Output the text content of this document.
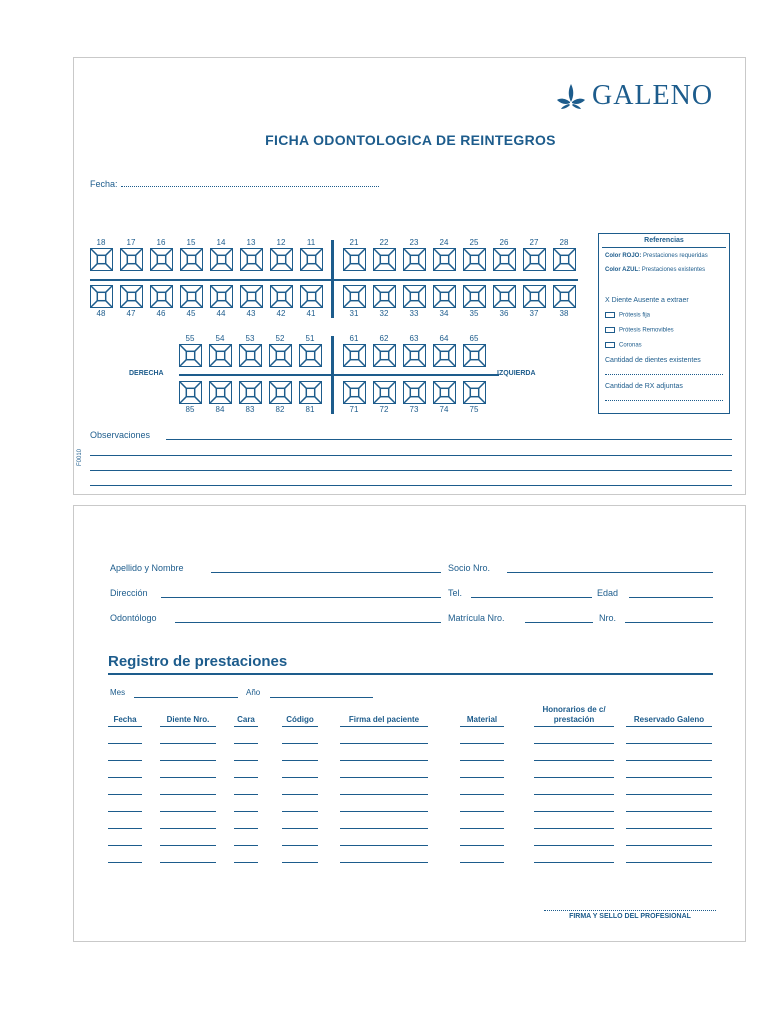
GALENO
FICHA ODONTOLOGICA DE REINTEGROS
Fecha:
18	17	16	15	14	13	12	11	21	22	23	24	25	26	27	28
48	47	46	45	44	43	42	41	31	32	33	34	35	36	37	38
55	54	53	52	51	61	62	63	64	65
85	84	83	82	81	71	72	73	74	75
DERECHA	IZQUIERDA
Referencias
Color ROJO: Prestaciones requeridas
Color AZUL: Prestaciones existentes
X Diente Ausente a extraer
Prótesis fija
Prótesis Removibles
Coronas
Cantidad de dientes existentes
Cantidad de RX adjuntas
Observaciones
F0010
Apellido y Nombre	Socio Nro.
Dirección	Tel.	Edad
Odontólogo	Matrícula Nro.	Nro.
Registro de prestaciones
Mes	Año
Fecha	Diente Nro.	Cara	Código	Firma del paciente	Material
Honorarios de c/
prestación	Reservado Galeno
FIRMA Y SELLO DEL PROFESIONAL
